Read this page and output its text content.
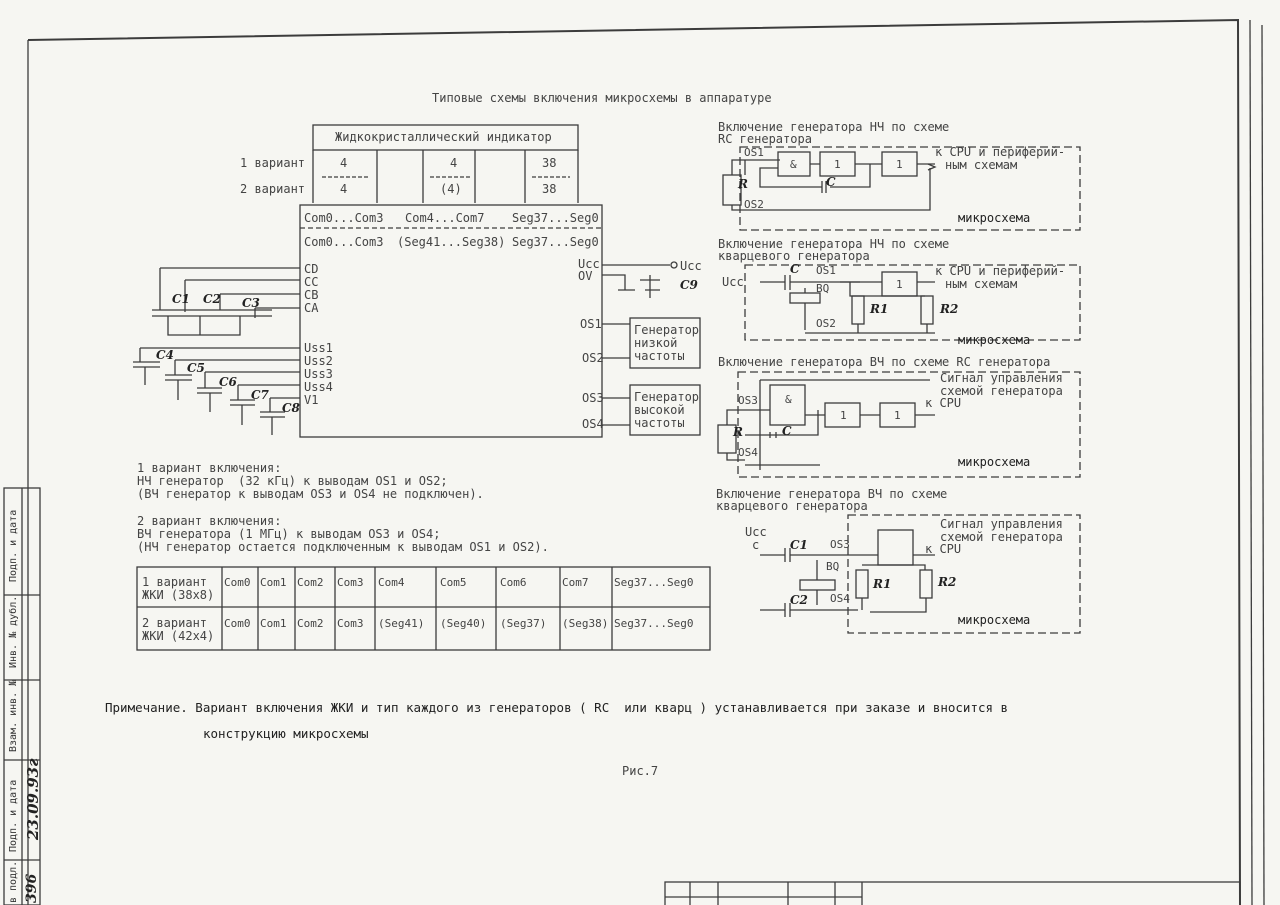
Типовые схемы включения микросхемы в аппаратуре
Жидкокристаллический индикатор
1 вариант
2 вариант
4	4	38
4	(4)	38
Com0...Com3 Com4...Com7 Seg37...Seg0
Com0...Com3 (Seg41...Seg38) Seg37...Seg0
CD
CC
CB
CA
Uss1
Uss2
Uss3
Uss4
V1
Ucc
OV
OS1
OS2
OS3
OS4
Ucc
C9
C1 C2 C3
C4
C5
C6
C7
C8
Генератор
низкой
частоты
Генератор
высокой
частоты
1 вариант включения:
НЧ генератор  (32 кГц) к выводам OS1 и OS2;
(ВЧ генератор к выводам OS3 и OS4 не подключен).
2 вариант включения:
ВЧ генератора (1 МГц) к выводам OS3 и OS4;
(НЧ генератор остается подключенным к выводам OS1 и OS2).
1 вариант
ЖКИ (38x8)
Com0 Com1 Com2 Com3 Com4	Com5	Com6	Com7 Seg37...Seg0
2 вариант
ЖКИ (42x4)
Com0 Com1 Com2 Com3 (Seg41) (Seg40) (Seg37) (Seg38) Seg37...Seg0
Включение генератора НЧ по схеме
RC генератора
OS1
&	1	1
R	C
OS2
к CPU и периферий-
ным схемам
микросхема
Включение генератора НЧ по схеме
кварцевого генератора
Ucc
C OS1
BQ	1
R1	R2
OS2
к CPU и периферий-
ным схемам
микросхема
Включение генератора ВЧ по схеме RC генератора
Сигнал управления
схемой генератора
&
OS3
1	1
к CPU
R	C
OS4
микросхема
Включение генератора ВЧ по схеме
кварцевого генератора
Сигнал управления
схемой генератора
Ucc
c	C1 OS3	к CPU
BQ
R1	R2
C2 OS4
микросхема
Примечание. Вариант включения ЖКИ и тип каждого из генераторов ( RC  или кварц ) устанавливается при заказе и вносится в
конструкцию микросхемы
Рис.7
Подп. и дата
Инв. № дубл.
Взам. инв. №
Подп. и дата 23.09.93г
в подл. 396
